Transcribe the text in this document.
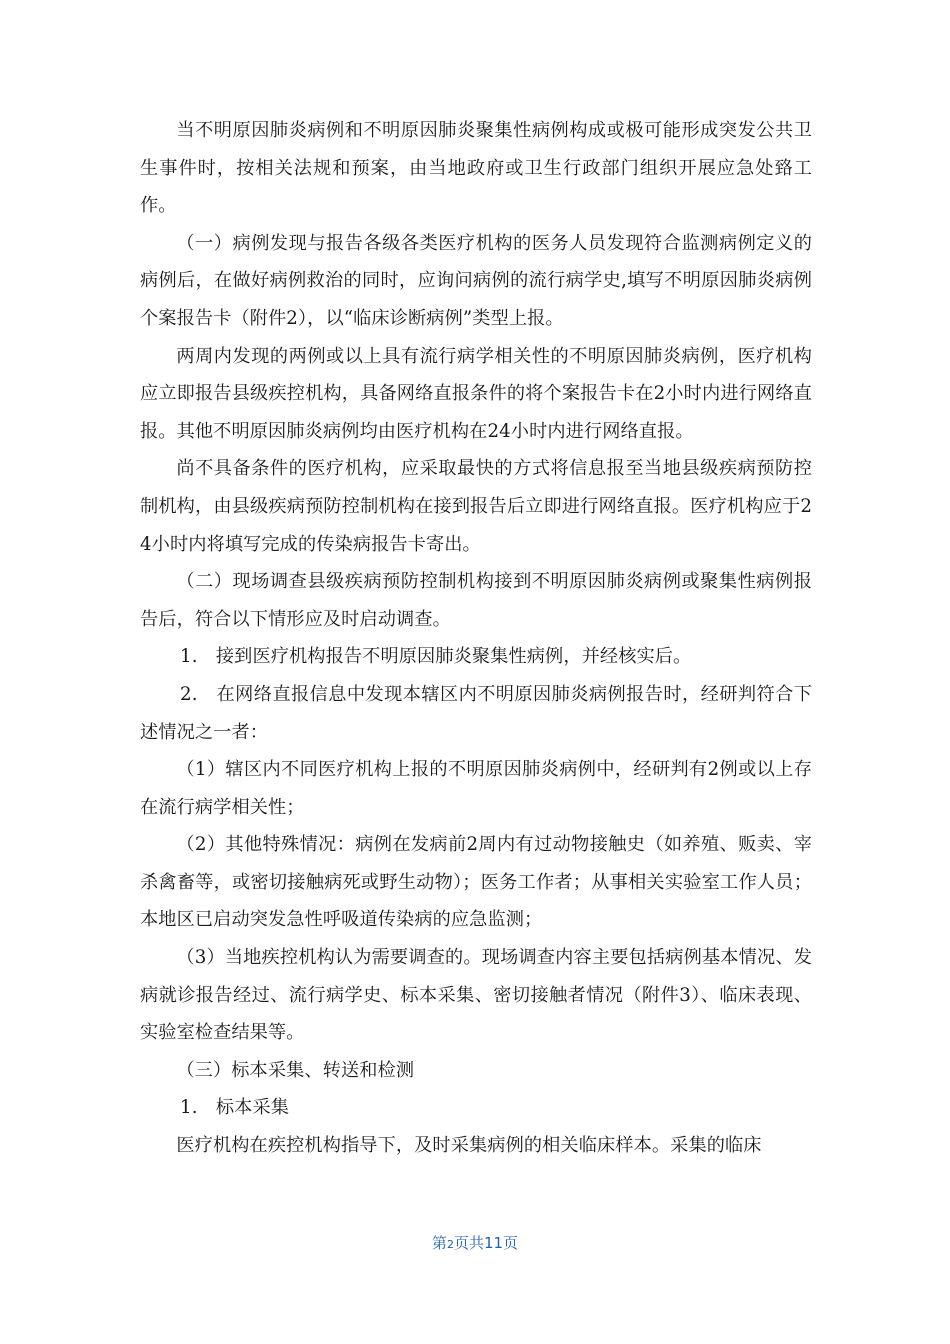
当不明原因肺炎病例和不明原因肺炎聚集性病例构成或极可能形成突发公共卫生事件时，按相关法规和预案，由当地政府或卫生行政部门组织开展应急处臵工作。

（一）病例发现与报告各级各类医疗机构的医务人员发现符合监测病例定义的病例后，在做好病例救治的同时，应询问病例的流行病学史,填写不明原因肺炎病例个案报告卡（附件2），以“临床诊断病例”类型上报。

两周内发现的两例或以上具有流行病学相关性的不明原因肺炎病例，医疗机构应立即报告县级疾控机构，具备网络直报条件的将个案报告卡在2小时内进行网络直报。其他不明原因肺炎病例均由医疗机构在24小时内进行网络直报。

尚不具备条件的医疗机构，应采取最快的方式将信息报至当地县级疾病预防控制机构，由县级疾病预防控制机构在接到报告后立即进行网络直报。医疗机构应于24小时内将填写完成的传染病报告卡寄出。

（二）现场调查县级疾病预防控制机构接到不明原因肺炎病例或聚集性病例报告后，符合以下情形应及时启动调查。

1.　接到医疗机构报告不明原因肺炎聚集性病例，并经核实后。

2.　在网络直报信息中发现本辖区内不明原因肺炎病例报告时，经研判符合下述情况之一者：

（1）辖区内不同医疗机构上报的不明原因肺炎病例中，经研判有2例或以上存在流行病学相关性；

（2）其他特殊情况：病例在发病前2周内有过动物接触史（如养殖、贩卖、宰杀禽畜等，或密切接触病死或野生动物）；医务工作者；从事相关实验室工作人员；本地区已启动突发急性呼吸道传染病的应急监测；

（3）当地疾控机构认为需要调查的。现场调查内容主要包括病例基本情况、发病就诊报告经过、流行病学史、标本采集、密切接触者情况（附件3）、临床表现、实验室检查结果等。

（三）标本采集、转送和检测

1.　标本采集

医疗机构在疾控机构指导下，及时采集病例的相关临床样本。采集的临床

第2页共11页
